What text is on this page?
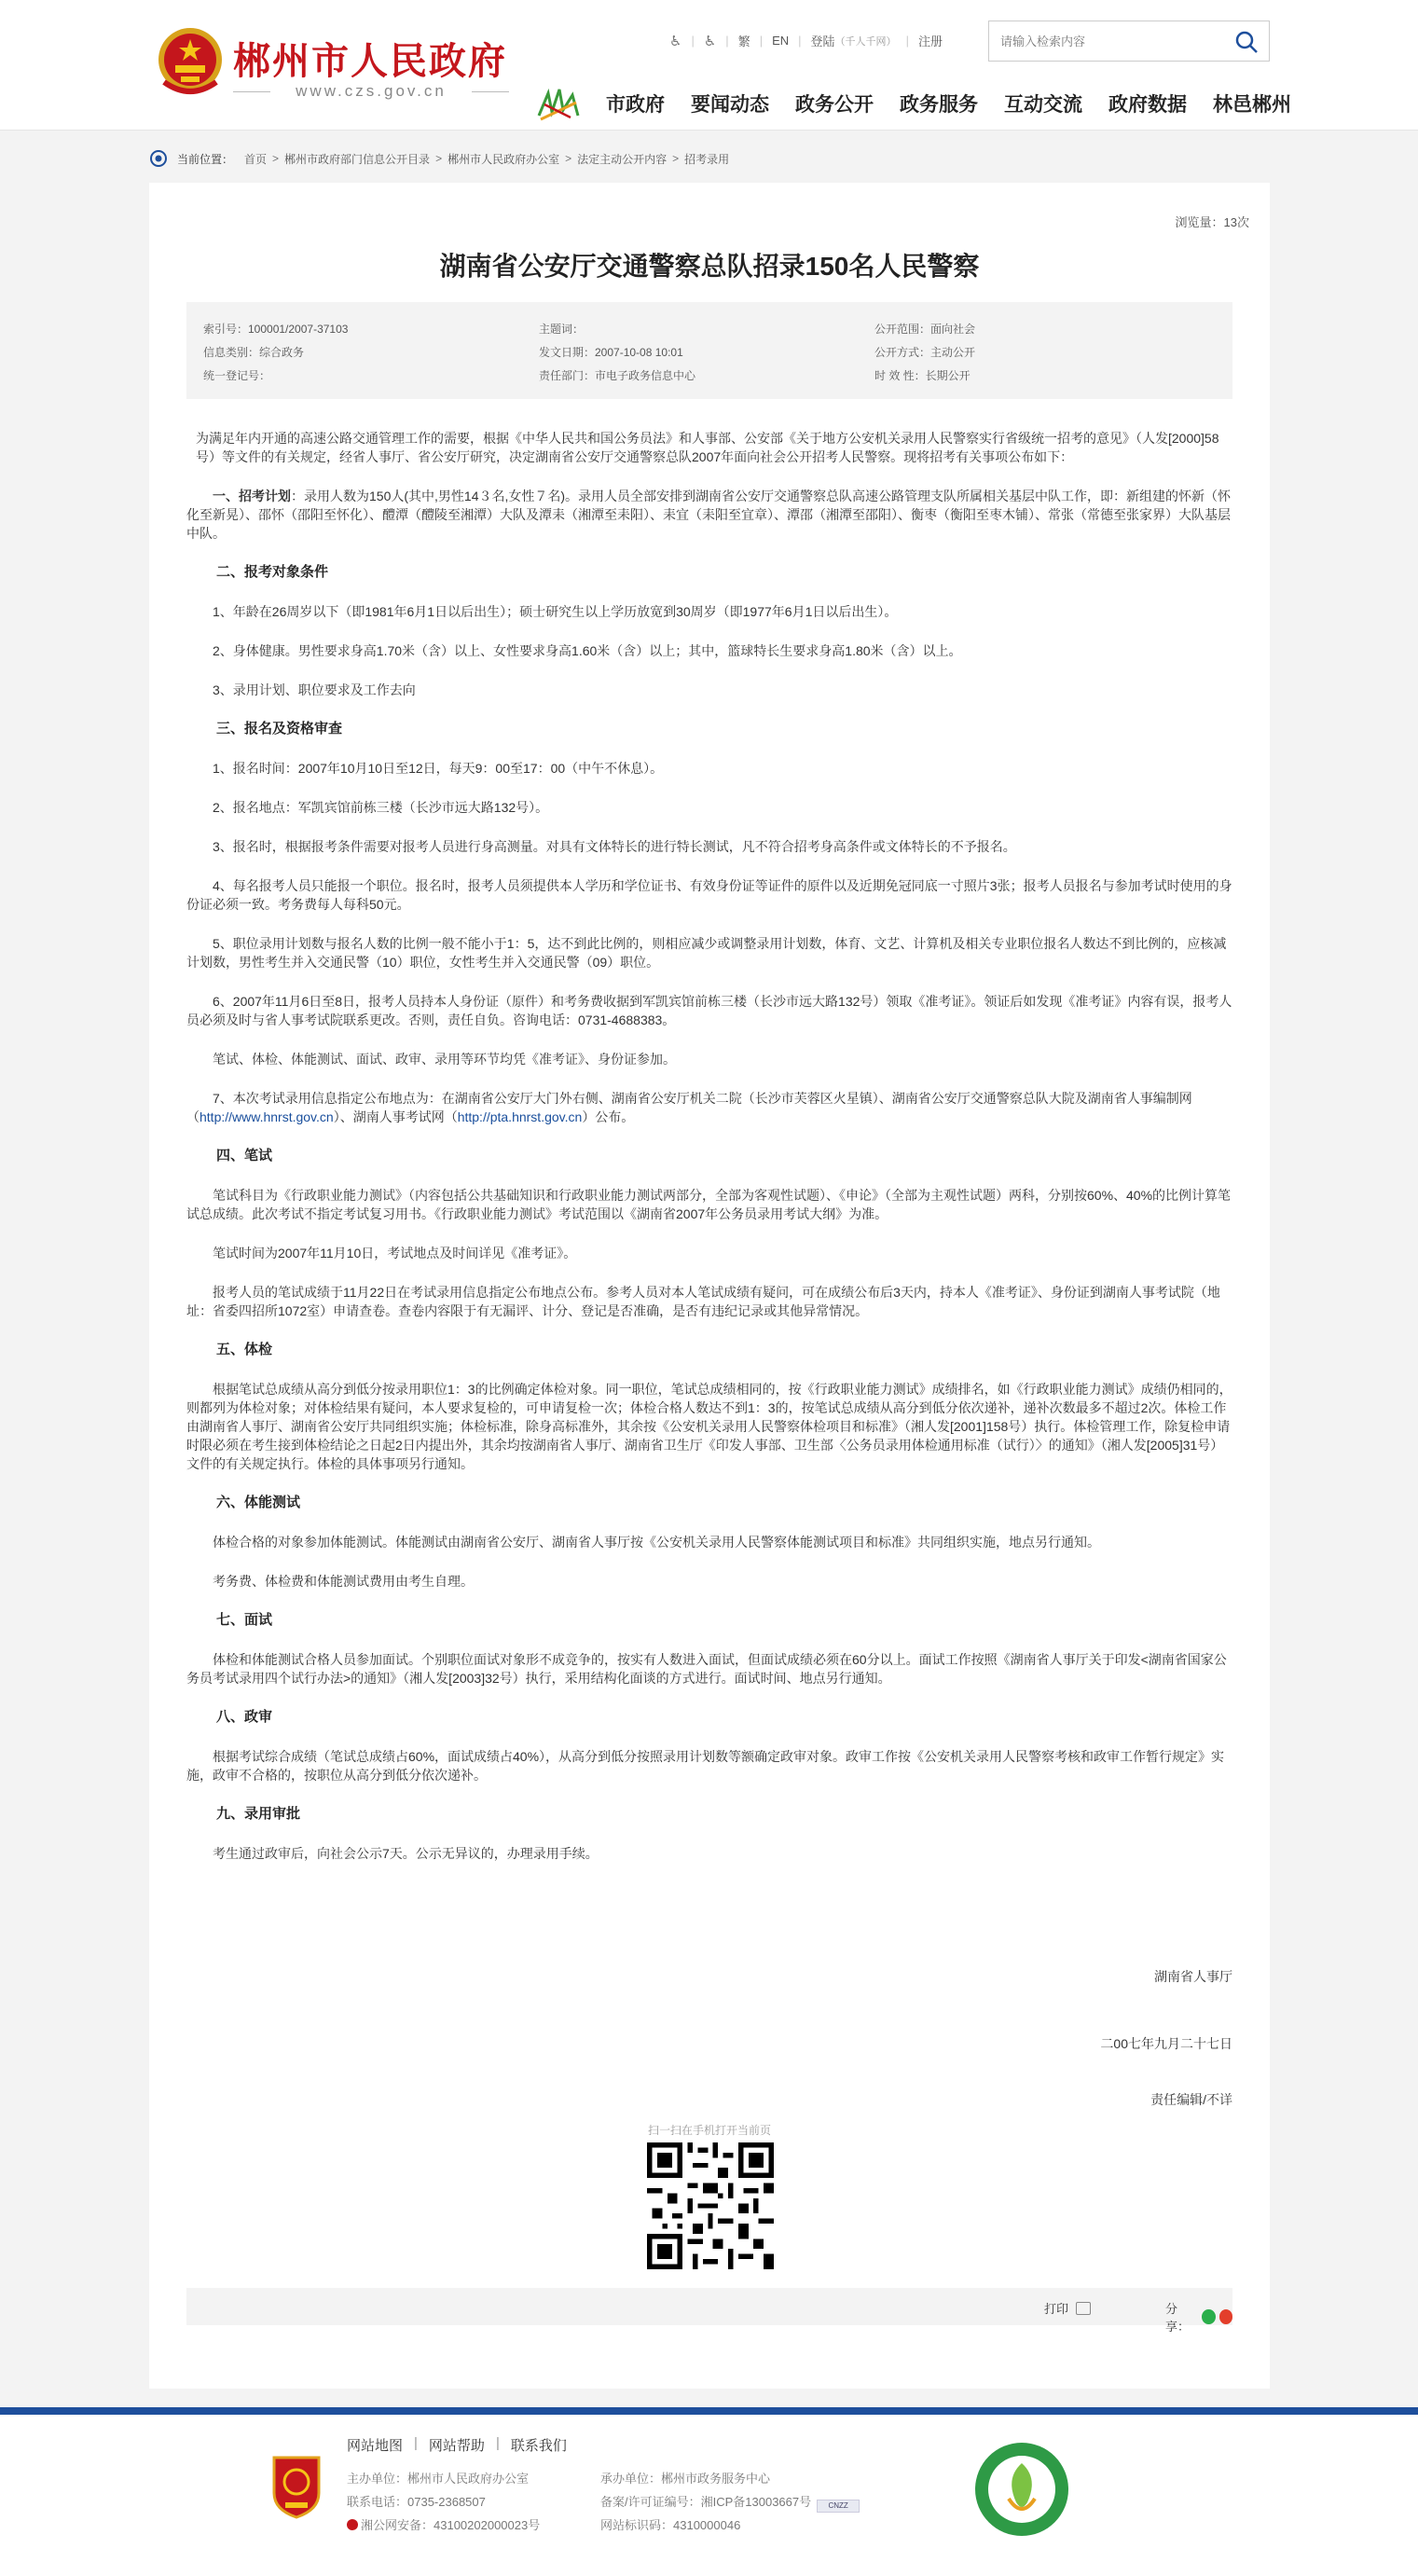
郴州市人民政府
www.czs.gov.cn
♿︎ | ♿ | 繁 | EN | 登陆 （千人千网） | 注册
请输入检索内容
市政府 要闻动态 政务公开 政务服务 互动交流 政府数据 林邑郴州
当前位置： 首页 > 郴州市政府部门信息公开目录 > 郴州市人民政府办公室 > 法定主动公开内容 > 招考录用
浏览量：13次
湖南省公安厅交通警察总队招录150名人民警察
索引号：100001/2007-37103	主题词：	公开范围：面向社会
信息类别：综合政务	发文日期：2007-10-08 10:01	公开方式：主动公开
统一登记号：	责任部门：市电子政务信息中心	时 效 性：长期公开

为满足年内开通的高速公路交通管理工作的需要，根据《中华人民共和国公务员法》和人事部、公安部《关于地方公安机关录用人民警察实行省级统一招考的意见》（人发[2000]58号）等文件的有关规定，经省人事厅、省公安厅研究，决定湖南省公安厅交通警察总队2007年面向社会公开招考人民警察。现将招考有关事项公布如下：

一、招考计划：录用人数为150人(其中,男性14３名,女性７名)。录用人员全部安排到湖南省公安厅交通警察总队高速公路管理支队所属相关基层中队工作，即：新组建的怀新（怀化至新晃）、邵怀（邵阳至怀化）、醴潭（醴陵至湘潭）大队及潭耒（湘潭至耒阳）、耒宜（耒阳至宜章）、潭邵（湘潭至邵阳）、衡枣（衡阳至枣木铺）、常张（常德至张家界）大队基层中队。

二、报考对象条件

1、年龄在26周岁以下（即1981年6月1日以后出生）；硕士研究生以上学历放宽到30周岁（即1977年6月1日以后出生）。

2、身体健康。男性要求身高1.70米（含）以上、女性要求身高1.60米（含）以上；其中，篮球特长生要求身高1.80米（含）以上。

3、录用计划、职位要求及工作去向

三、报名及资格审查

1、报名时间：2007年10月10日至12日，每天9：00至17：00（中午不休息）。

2、报名地点：军凯宾馆前栋三楼（长沙市远大路132号）。

3、报名时，根据报考条件需要对报考人员进行身高测量。对具有文体特长的进行特长测试，凡不符合招考身高条件或文体特长的不予报名。

4、每名报考人员只能报一个职位。报名时，报考人员须提供本人学历和学位证书、有效身份证等证件的原件以及近期免冠同底一寸照片3张；报考人员报名与参加考试时使用的身份证必须一致。考务费每人每科50元。

5、职位录用计划数与报名人数的比例一般不能小于1：5，达不到此比例的，则相应减少或调整录用计划数，体育、文艺、计算机及相关专业职位报名人数达不到比例的，应核减计划数，男性考生并入交通民警（10）职位，女性考生并入交通民警（09）职位。

6、2007年11月6日至8日，报考人员持本人身份证（原件）和考务费收据到军凯宾馆前栋三楼（长沙市远大路132号）领取《准考证》。领证后如发现《准考证》内容有误，报考人员必须及时与省人事考试院联系更改。否则，责任自负。咨询电话：0731-4688383。

笔试、体检、体能测试、面试、政审、录用等环节均凭《准考证》、身份证参加。

7、本次考试录用信息指定公布地点为：在湖南省公安厅大门外右侧、湖南省公安厅机关二院（长沙市芙蓉区火星镇）、湖南省公安厅交通警察总队大院及湖南省人事编制网（http://www.hnrst.gov.cn）、湖南人事考试网（http://pta.hnrst.gov.cn）公布。

四、笔试

笔试科目为《行政职业能力测试》（内容包括公共基础知识和行政职业能力测试两部分，全部为客观性试题）、《申论》（全部为主观性试题）两科，分别按60%、40%的比例计算笔试总成绩。此次考试不指定考试复习用书。《行政职业能力测试》考试范围以《湖南省2007年公务员录用考试大纲》为准。

笔试时间为2007年11月10日，考试地点及时间详见《准考证》。

报考人员的笔试成绩于11月22日在考试录用信息指定公布地点公布。参考人员对本人笔试成绩有疑问，可在成绩公布后3天内，持本人《准考证》、身份证到湖南人事考试院（地址：省委四招所1072室）申请查卷。查卷内容限于有无漏评、计分、登记是否准确，是否有违纪记录或其他异常情况。

五、体检

根据笔试总成绩从高分到低分按录用职位1：3的比例确定体检对象。同一职位，笔试总成绩相同的，按《行政职业能力测试》成绩排名，如《行政职业能力测试》成绩仍相同的，则都列为体检对象；对体检结果有疑问，本人要求复检的，可申请复检一次；体检合格人数达不到1：3的，按笔试总成绩从高分到低分依次递补，递补次数最多不超过2次。体检工作由湖南省人事厅、湖南省公安厅共同组织实施；体检标准，除身高标准外，其余按《公安机关录用人民警察体检项目和标准》（湘人发[2001]158号）执行。体检管理工作，除复检申请时限必须在考生接到体检结论之日起2日内提出外，其余均按湖南省人事厅、湖南省卫生厅《印发人事部、卫生部〈公务员录用体检通用标准（试行）〉的通知》（湘人发[2005]31号）文件的有关规定执行。体检的具体事项另行通知。

六、体能测试

体检合格的对象参加体能测试。体能测试由湖南省公安厅、湖南省人事厅按《公安机关录用人民警察体能测试项目和标准》共同组织实施，地点另行通知。

考务费、体检费和体能测试费用由考生自理。

七、面试

体检和体能测试合格人员参加面试。个别职位面试对象形不成竞争的，按实有人数进入面试，但面试成绩必须在60分以上。面试工作按照《湖南省人事厅关于印发<湖南省国家公务员考试录用四个试行办法>的通知》（湘人发[2003]32号）执行，采用结构化面谈的方式进行。面试时间、地点另行通知。

八、政审

根据考试综合成绩（笔试总成绩占60%，面试成绩占40%），从高分到低分按照录用计划数等额确定政审对象。政审工作按《公安机关录用人民警察考核和政审工作暂行规定》实施，政审不合格的，按职位从高分到低分依次递补。

九、录用审批

考生通过政审后，向社会公示7天。公示无异议的，办理录用手续。

湖南省人事厅
二00七年九月二十七日
责任编辑/不详
扫一扫在手机打开当前页
打印	分享：
网站地图 | 网站帮助 | 联系我们
主办单位：郴州市人民政府办公室
联系电话：0735-2368507
湘公网安备：43100202000023号
承办单位：郴州市政务服务中心
备案/许可证编号：湘ICP备13003667号 CNZZ
网站标识码：4310000046
